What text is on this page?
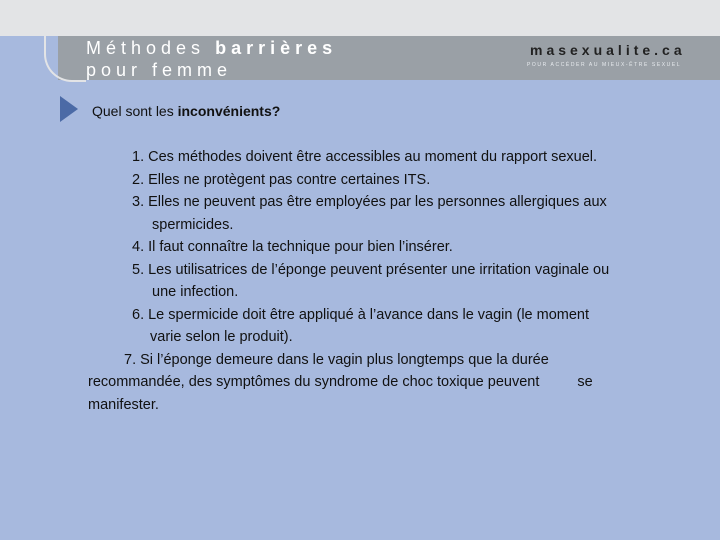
Méthodes barrières
pour femme
masexualite.ca
POUR ACCÉDER AU MIEUX-ÊTRE SEXUEL
Quel sont les inconvénients?
1. Ces méthodes doivent être accessibles au moment du rapport sexuel.
2. Elles ne protègent pas contre certaines ITS.
3. Elles ne peuvent pas être employées par les personnes allergiques aux
spermicides.
4. Il faut connaître la technique pour bien l’insérer.
5. Les utilisatrices de l’éponge peuvent présenter une irritation vaginale ou
une infection.
6. Le spermicide doit être appliqué à l’avance dans le vagin (le moment
varie selon le produit).
7. Si l’éponge demeure dans le vagin plus longtemps que la durée
recommandée, des symptômes du syndrome de choc toxique peuvent	se
manifester.
